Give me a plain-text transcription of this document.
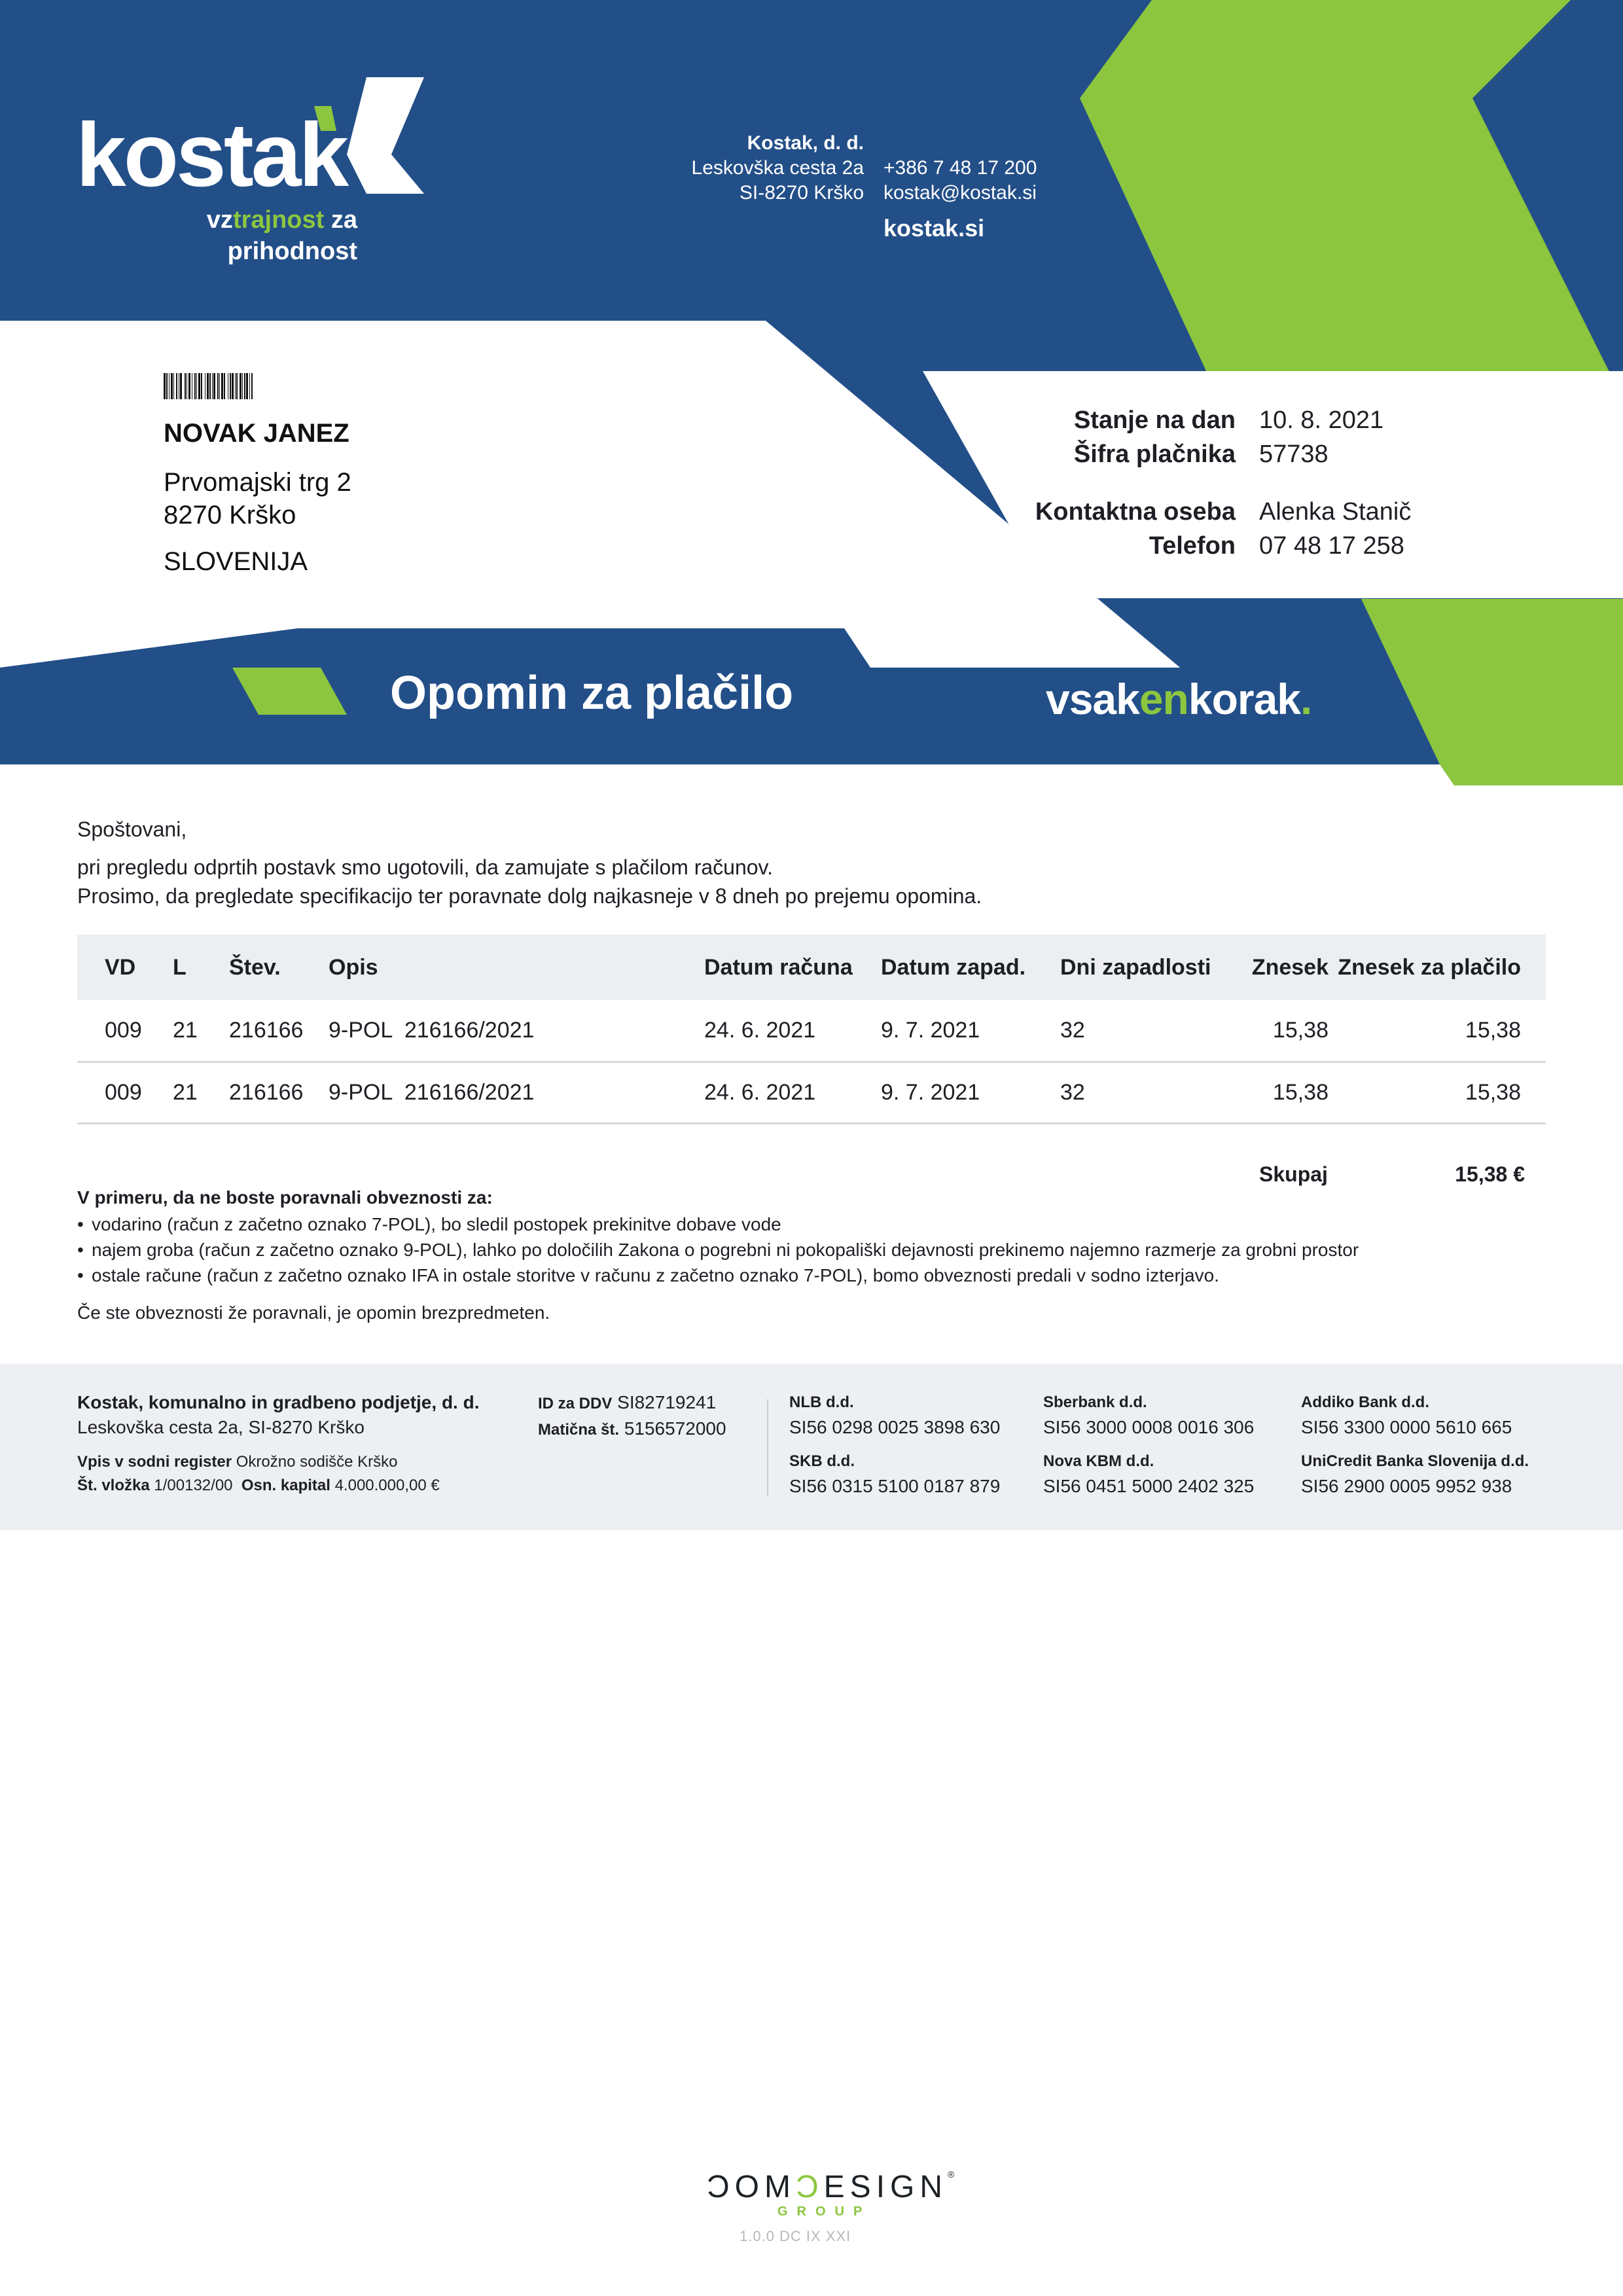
kostak
vztrajnost za
prihodnost
Kostak, d. d.
Leskovška cesta 2a
SI-8270 Krško
+386 7 48 17 200
kostak@kostak.si
kostak.si
NOVAK JANEZ
Prvomajski trg 2
8270 Krško
SLOVENIJA
Stanje na dan 10. 8. 2021
Šifra plačnika 57738
Kontaktna oseba Alenka Stanič
Telefon 07 48 17 258
Opomin za plačilo	vsakenkorak.

Spoštovani,

pri pregledu odprtih postavk smo ugotovili, da zamujate s plačilom računov.

Prosimo, da pregledate specifikacijo ter poravnate dolg najkasneje v 8 dneh po prejemu opomina.

VD	L	Štev.	Opis	Datum računa	Datum zapad.	Dni zapadlosti	Znesek	Znesek za plačilo
009	21	216166	9-POL  216166/2021	24. 6. 2021	9. 7. 2021	32	15,38	15,38
009	21	216166	9-POL  216166/2021	24. 6. 2021	9. 7. 2021	32	15,38	15,38
Skupaj	15,38 €
V primeru, da ne boste poravnali obveznosti za:
• vodarino (račun z začetno oznako 7-POL), bo sledil postopek prekinitve dobave vode
• najem groba (račun z začetno oznako 9-POL), lahko po določilih Zakona o pogrebni ni pokopališki dejavnosti prekinemo najemno razmerje za grobni prostor
• ostale račune (račun z začetno oznako IFA in ostale storitve v računu z začetno oznako 7-POL), bomo obveznosti predali v sodno izterjavo.
Če ste obveznosti že poravnali, je opomin brezpredmeten.
Kostak, komunalno in gradbeno podjetje, d. d.
Leskovška cesta 2a, SI-8270 Krško
Vpis v sodni register Okrožno sodišče Krško
Št. vložka 1/00132/00 Osn. kapital 4.000.000,00 €
ID za DDV SI82719241
Matična št. 5156572000
NLB d.d.
SI56 0298 0025 3898 630
Sberbank d.d.
SI56 3000 0008 0016 306
Addiko Bank d.d.
SI56 3300 0000 5610 665
SKB d.d.
SI56 0315 5100 0187 879
Nova KBM d.d.
SI56 0451 5000 2402 325
UniCredit Banka Slovenija d.d.
SI56 2900 0005 9952 938
ƆOMƆESIGN®
GROUP
1.0.0 DC IX XXI
